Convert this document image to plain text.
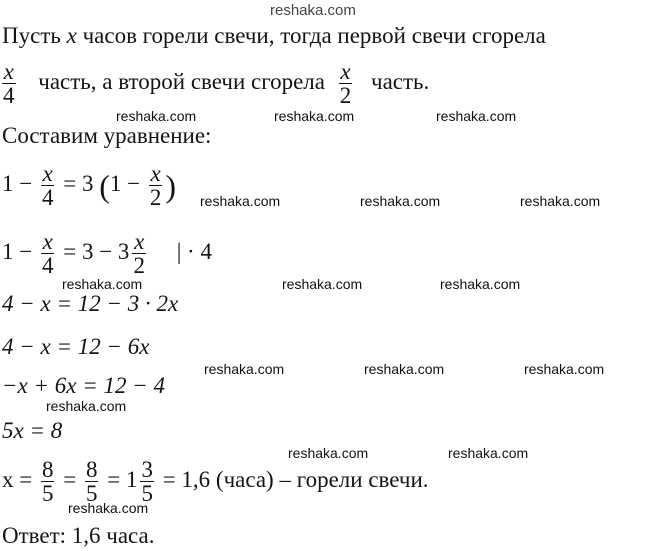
reshaka.com
Пусть x часов горели свечи, тогда первой свечи сгорела
$\frac{x}{4}$ часть, а второй свечи сгорела $\frac{x}{2}$ часть.
Составим уравнение:
$1 - \frac{x}{4} = 3$ ($1 - \frac{x}{2}$ )
$1 - \frac{x}{4} = 3 - 3 \frac{x}{2}$ | · 4
4 − x = 12 − 3 · 2x
4 − x = 12 − 6x
−x + 6x = 12 − 4
5x = 8
$x = \frac{8}{5} = \frac{8}{5} = 1 \frac{3}{5} = 1,6$ (часа) – горели свечи.
Ответ: 1,6 часа.
reshaka.com	reshaka.com	reshaka.com
reshaka.com	reshaka.com	reshaka.com
reshaka.com	reshaka.com	reshaka.com
reshaka.com	reshaka.com	reshaka.com
reshaka.com
reshaka.com	reshaka.com
reshaka.com
